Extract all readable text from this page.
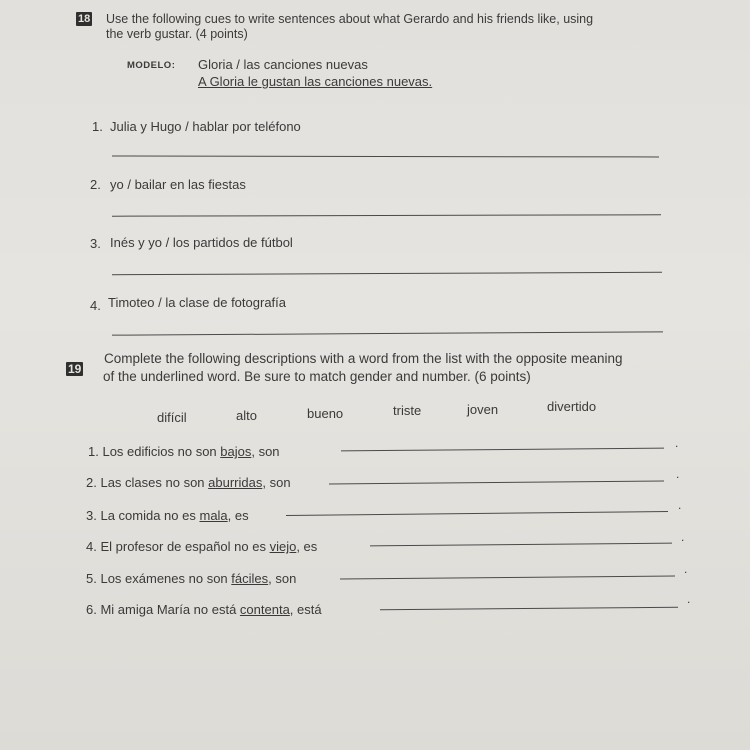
18 Use the following cues to write sentences about what Gerardo and his friends like, using
the verb gustar. (4 points)
MODELO: Gloria / las canciones nuevas
A Gloria le gustan las canciones nuevas.
1. Julia y Hugo / hablar por teléfono
2. yo / bailar en las fiestas
3. Inés y yo / los partidos de fútbol
4. Timoteo / la clase de fotografía
19
Complete the following descriptions with a word from the list with the opposite meaning
of the underlined word. Be sure to match gender and number. (6 points)
difícil	alto	bueno	triste	joven	divertido
1. Los edificios no son bajos, son
.
2. Las clases no son aburridas, son
.
3. La comida no es mala, es
.
4. El profesor de español no es viejo, es
.
5. Los exámenes no son fáciles, son
.
6. Mi amiga María no está contenta, está
.
